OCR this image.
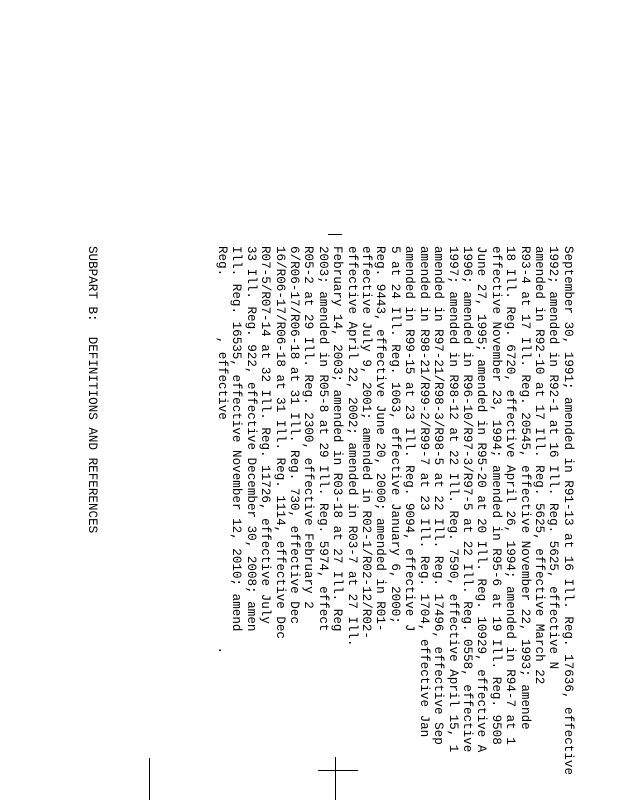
September 30, 1991; amended in R91-13 at 16 Ill. Reg. 17636, effective
1992; amended in R92-1 at 16 Ill. Reg. 5625, effective N
amended in R92-10 at 17 Ill. Reg. 5625, effective March 22
R93-4 at 17 Ill. Reg. 20545, effective November 22, 1993; amende
18 Ill. Reg. 6720, effective April 26, 1994; amended in R94-7 at 1
effective November 23, 1994; amended in R95-6 at 19 Ill. Reg. 9508
June 27, 1995; amended in R95-20 at 20 Ill. Reg. 10929, effective A
1996; amended in R96-10/R97-3/R97-5 at 22 Ill. Reg. 0558, effective
1997; amended in R98-12 at 22 Ill. Reg. 7590, effective April 15, 1
amended in R97-21/R98-3/R98-5 at 22 Ill. Reg. 17496, effective Sep
amended in R98-21/R99-2/R99-7 at 23 Ill. Reg. 1704, effective Jan
amended in R99-15 at 23 Ill. Reg. 9094, effective J
5 at 24 Ill. Reg. 1063, effective January 6, 2000;
Reg. 9443, effective June 20, 2000; amended in R01-
effective July 9, 2001; amended in R02-1/R02-12/R02-
effective April 22, 2002; amended in R03-7 at 27 Ill.
February 14, 2003; amended in R03-18 at 27 Ill. Reg
2003; amended in R05-8 at 29 Ill. Reg. 5974, effect
R05-2 at 29 Ill. Reg. 2300, effective February 2
6/R06-17/R06-18 at 31 Ill. Reg. 730, effective Dec
16/R06-17/R06-18 at 31 Ill. Reg. 1114, effective Dec
R07-5/R07-14 at 32 Ill. Reg. 11726, effective July
33 Ill. Reg. 922, effective December 30, 2008; amen
Ill. Reg. 16535, effective November 12, 2010; amend
Reg.        , effective                              .

SUBPART B:  DEFINITIONS AND REFERENCES
